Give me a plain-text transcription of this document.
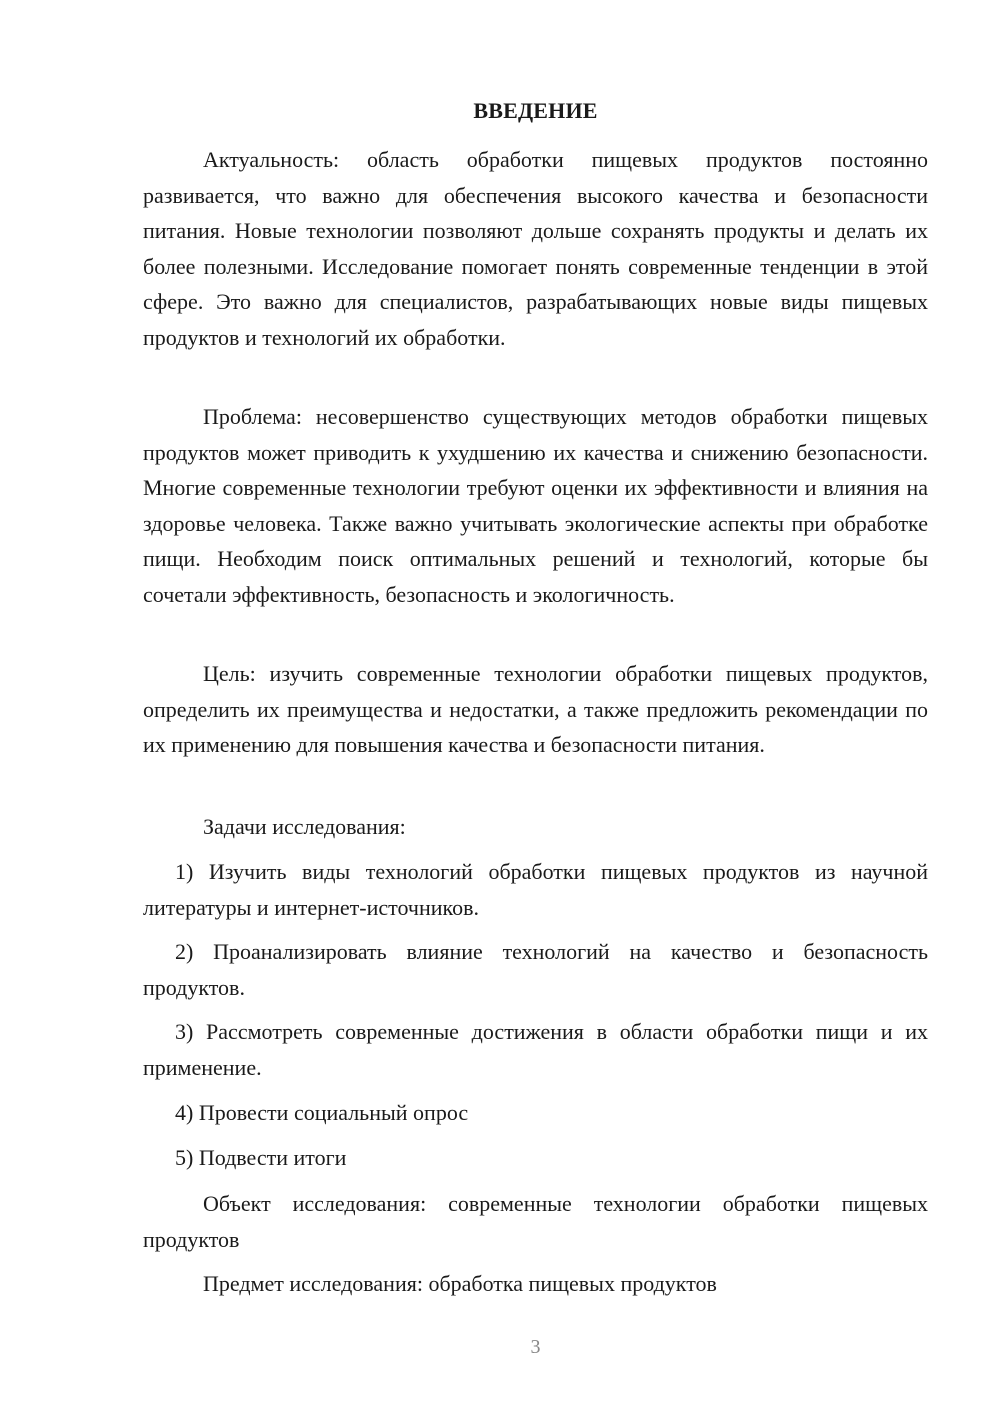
ВВЕДЕНИЕ

Актуальность: область обработки пищевых продуктов постоянно развивается, что важно для обеспечения высокого качества и безопасности питания. Новые технологии позволяют дольше сохранять продукты и делать их более полезными. Исследование помогает понять современные тенденции в этой сфере. Это важно для специалистов, разрабатывающих новые виды пищевых продуктов и технологий их обработки.

Проблема: несовершенство существующих методов обработки пищевых продуктов может приводить к ухудшению их качества и снижению безопасности. Многие современные технологии требуют оценки их эффективности и влияния на здоровье человека. Также важно учитывать экологические аспекты при обработке пищи. Необходим поиск оптимальных решений и технологий, которые бы сочетали эффективность, безопасность и экологичность.

Цель: изучить современные технологии обработки пищевых продуктов, определить их преимущества и недостатки, а также предложить рекомендации по их применению для повышения качества и безопасности питания.

Задачи исследования:

1) Изучить виды технологий обработки пищевых продуктов из научной литературы и интернет-источников.

2) Проанализировать влияние технологий на качество и безопасность продуктов.

3) Рассмотреть современные достижения в области обработки пищи и их применение.

4) Провести социальный опрос

5) Подвести итоги

Объект исследования: современные технологии обработки пищевых продуктов

Предмет исследования: обработка пищевых продуктов

3
